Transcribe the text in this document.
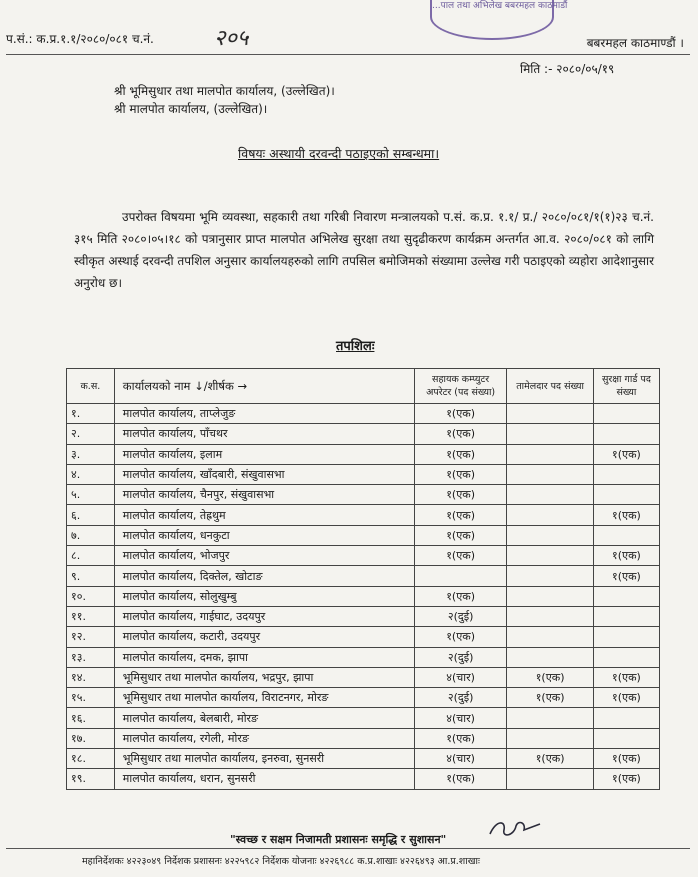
...पाल तथा अभिलेख बबरमहल काठमाडौं
प.सं.: क.प्र.१.१/२०८०/०८१ च.नं.	२०५	बबरमहल काठमाण्डौं ।
मिति :- २०८०/०५/१९
श्री भूमिसुधार तथा मालपोत कार्यालय, (उल्लेखित)।
श्री मालपोत कार्यालय, (उल्लेखित)।
विषयः अस्थायी दरवन्दी पठाइएको सम्बन्धमा।

उपरोक्त विषयमा भूमि व्यवस्था, सहकारी तथा गरिबी निवारण मन्त्रालयको प.सं. क.प्र. १.१/ प्र./ २०८०/०८१/१(१)२३ च.नं. ३१५ मिति २०८०।०५।१८ को पत्रानुसार प्राप्त मालपोत अभिलेख सुरक्षा तथा सुदृढीकरण कार्यक्रम अन्तर्गत आ.व. २०८०/०८१ को लागि स्वीकृत अस्थाई दरवन्दी तपशिल अनुसार कार्यालयहरुको लागि तपसिल बमोजिमको संख्यामा उल्लेख गरी पठाइएको व्यहोरा आदेशानुसार अनुरोध छ।

तपशिलः
क.स.	कार्यालयको नाम ↓/शीर्षक →	सहायक कम्प्युटर अपरेटर (पद संख्या)	तामेलदार पद संख्या	सुरक्षा गार्ड पद संख्या
१.	मालपोत कार्यालय, ताप्लेजुङ	१(एक)		
२.	मालपोत कार्यालय, पाँचथर	१(एक)		
३.	मालपोत कार्यालय, इलाम	१(एक)		१(एक)
४.	मालपोत कार्यालय, खाँदबारी, संखुवासभा	१(एक)		
५.	मालपोत कार्यालय, चैनपुर, संखुवासभा	१(एक)		
६.	मालपोत कार्यालय, तेह्रथुम	१(एक)		१(एक)
७.	मालपोत कार्यालय, धनकुटा	१(एक)		
८.	मालपोत कार्यालय, भोजपुर	१(एक)		१(एक)
९.	मालपोत कार्यालय, दिक्तेल, खोटाङ			१(एक)
१०.	मालपोत कार्यालय, सोलुखुम्बु	१(एक)		
११.	मालपोत कार्यालय, गाईघाट, उदयपुर	२(दुई)		
१२.	मालपोत कार्यालय, कटारी, उदयपुर	१(एक)		
१३.	मालपोत कार्यालय, दमक, झापा	२(दुई)		
१४.	भूमिसुधार तथा मालपोत कार्यालय, भद्रपुर, झापा	४(चार)	१(एक)	१(एक)
१५.	भूमिसुधार तथा मालपोत कार्यालय, विराटनगर, मोरङ	२(दुई)	१(एक)	१(एक)
१६.	मालपोत कार्यालय, बेलबारी, मोरङ	४(चार)		
१७.	मालपोत कार्यालय, रगेली, मोरङ	१(एक)		
१८.	भूमिसुधार तथा मालपोत कार्यालय, इनरुवा, सुनसरी	४(चार)	१(एक)	१(एक)
१९.	मालपोत कार्यालय, धरान, सुनसरी	१(एक)		१(एक)
"स्वच्छ र सक्षम निजामती प्रशासनः समृद्धि र सुशासन"
महानिर्देशकः ४२२३०४९ निर्देशक प्रशासनः ४२२५९८२ निर्देशक योजनाः ४२२६९८८ क.प्र.शाखाः ४२२६४९३ आ.प्र.शाखाः
